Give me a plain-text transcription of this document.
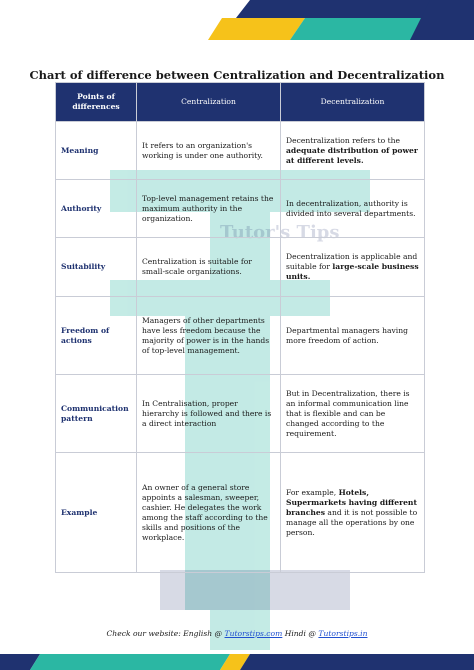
Tutor's Tips
Chart of difference between Centralization and Decentralization
Points of differences	Centralization	Decentralization
Meaning	It refers to an organization's working is under one authority.	Decentralization refers to the adequate distribution of power at different levels.
Authority	Top-level management retains the maximum authority in the organization.	In decentralization, authority is divided into several departments.
Suitability	Centralization is suitable for small-scale organizations.	Decentralization is applicable and suitable for large-scale business units.
Freedom of actions	Managers of other departments have less freedom because the majority of power is in the hands of top-level management.	Departmental managers having more freedom of action.
Communication pattern	In Centralisation, proper hierarchy is followed and there is a direct interaction	But in Decentralization, there is an informal communication line that is flexible and can be changed according to the requirement.
Example	An owner of a general store appoints a salesman, sweeper, cashier. He delegates the work among the staff according to the skills and positions of the workplace.	For example, Hotels, Supermarkets having different branches and it is not possible to manage all the operations by one person.
Check our website: English @ Tutorstips.com Hindi @ Tutorstips.in
